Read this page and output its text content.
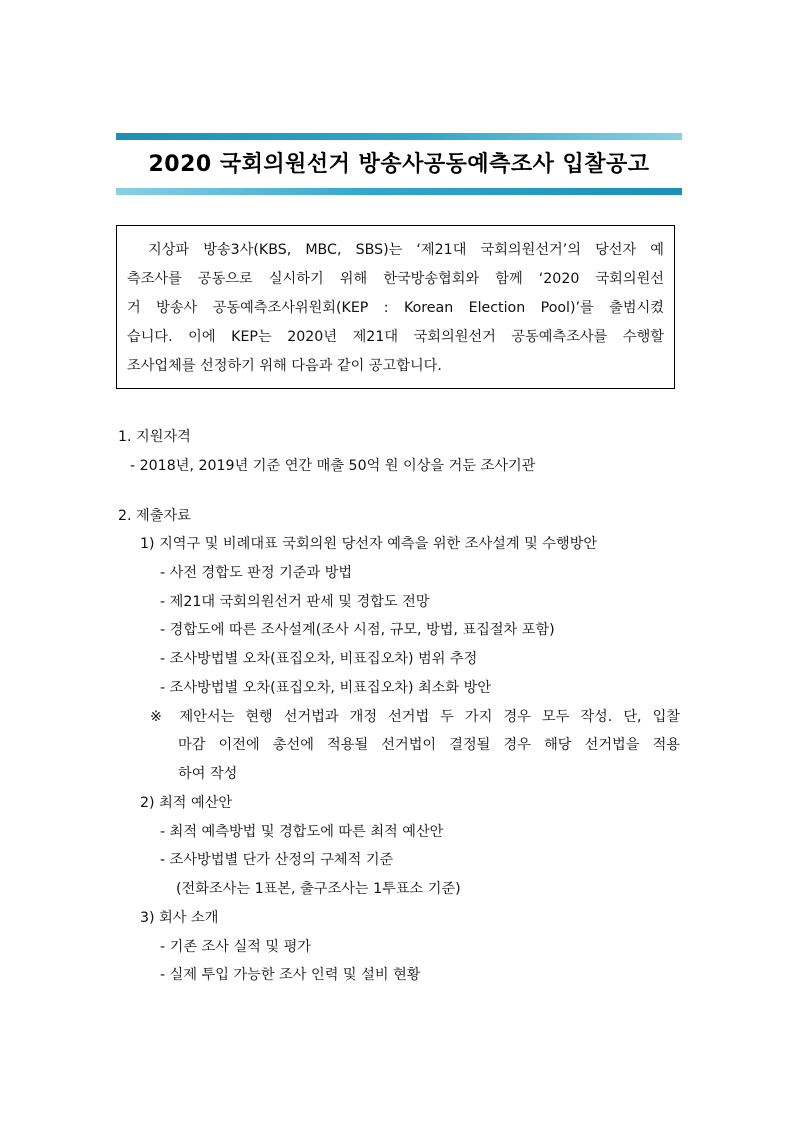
2020 국회의원선거 방송사공동예측조사 입찰공고
지상파 방송3사(KBS, MBC, SBS)는 ‘제21대 국회의원선거’의 당선자 예
측조사를 공동으로 실시하기 위해 한국방송협회와 함께 ‘2020 국회의원선
거 방송사 공동예측조사위원회(KEP : Korean Election Pool)’를 출범시켰
습니다. 이에 KEP는 2020년 제21대 국회의원선거 공동예측조사를 수행할
조사업체를 선정하기 위해 다음과 같이 공고합니다.
1. 지원자격
- 2018년, 2019년 기준 연간 매출 50억 원 이상을 거둔 조사기관
2. 제출자료
1) 지역구 및 비례대표 국회의원 당선자 예측을 위한 조사설계 및 수행방안
- 사전 경합도 판정 기준과 방법
- 제21대 국회의원선거 판세 및 경합도 전망
- 경합도에 따른 조사설계(조사 시점, 규모, 방법, 표집절차 포함)
- 조사방법별 오차(표집오차, 비표집오차) 범위 추정
- 조사방법별 오차(표집오차, 비표집오차) 최소화 방안
※ 제안서는 현행 선거법과 개정 선거법 두 가지 경우 모두 작성. 단, 입찰
마감 이전에 총선에 적용될 선거법이 결정될 경우 해당 선거법을 적용
하여 작성
2) 최적 예산안
- 최적 예측방법 및 경합도에 따른 최적 예산안
- 조사방법별 단가 산정의 구체적 기준
(전화조사는 1표본, 출구조사는 1투표소 기준)
3) 회사 소개
- 기존 조사 실적 및 평가
- 실제 투입 가능한 조사 인력 및 설비 현황
